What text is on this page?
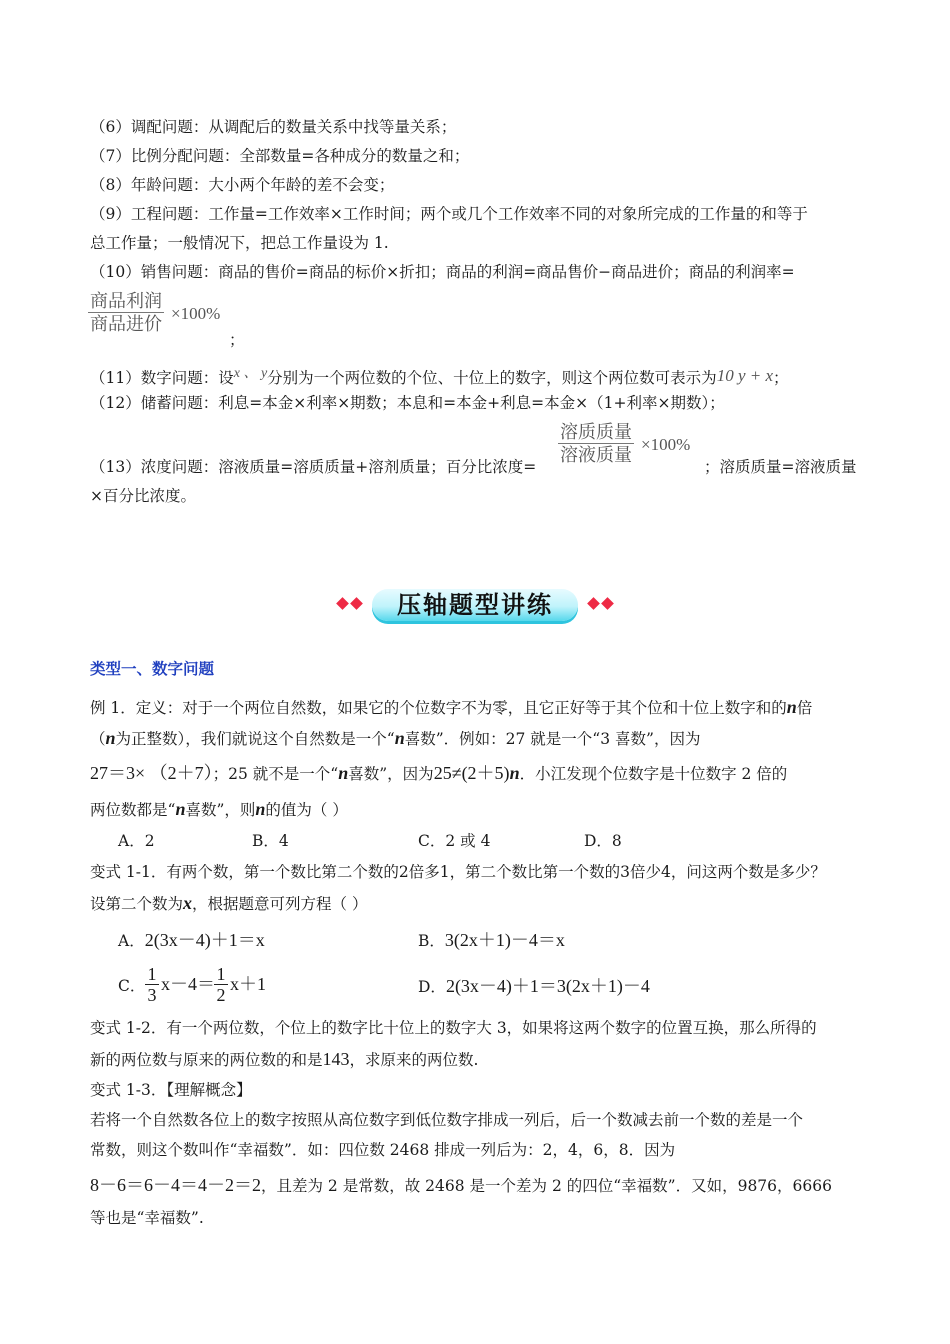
（6）调配问题：从调配后的数量关系中找等量关系；
（7）比例分配问题：全部数量=各种成分的数量之和；
（8）年龄问题：大小两个年龄的差不会变；
（9）工程问题：工作量=工作效率×工作时间；两个或几个工作效率不同的对象所完成的工作量的和等于
总工作量；一般情况下，把总工作量设为 1.
（10）销售问题：商品的售价=商品的标价×折扣；商品的利润=商品售价−商品进价；商品的利润率=
商品利润
商品进价
×100%
；
（11）数字问题：设x 、 y分别为一个两位数的个位、十位上的数字，则这个两位数可表示为10 y + x；
（12）储蓄问题：利息=本金×利率×期数；本息和=本金+利息=本金×（1+利率×期数）；
溶质质量
溶液质量
×100%
（13）浓度问题：溶液质量=溶质质量+溶剂质量；百分比浓度=	；溶质质量=溶液质量
×百分比浓度。
压轴题型讲练
类型一、数字问题
例 1．定义：对于一个两位自然数，如果它的个位数字不为零，且它正好等于其个位和十位上数字和的n倍
（n为正整数），我们就说这个自然数是一个“n喜数”．例如：27 就是一个“3 喜数”，因为
27＝3× （2＋7）；25 就不是一个“n喜数”，因为25≠(2＋5)n．小江发现个位数字是十位数字 2 倍的
两位数都是“n喜数”，则n的值为（ ）
A．2	B．4	C．2 或 4	D．8
变式 1-1．有两个数，第一个数比第二个数的2倍多1，第二个数比第一个数的3倍少4，问这两个数是多少？
设第二个数为x，根据题意可列方程（ ）
A．2(3x－4)＋1＝x	B．3(2x＋1)－4＝x
C． $\frac{1}{3} x-4= \frac{1}{2} x+1$	D．2(3x－4)＋1＝3(2x＋1)－4
变式 1-2．有一个两位数，个位上的数字比十位上的数字大 3，如果将这两个数字的位置互换，那么所得的
新的两位数与原来的两位数的和是143，求原来的两位数.
变式 1-3．【理解概念】
若将一个自然数各位上的数字按照从高位数字到低位数字排成一列后，后一个数减去前一个数的差是一个
常数，则这个数叫作“幸福数”．如：四位数 2468 排成一列后为：2，4，6，8．因为
8－6＝6－4＝4－2＝2，且差为 2 是常数，故 2468 是一个差为 2 的四位“幸福数”．又如，9876，6666
等也是“幸福数”.
